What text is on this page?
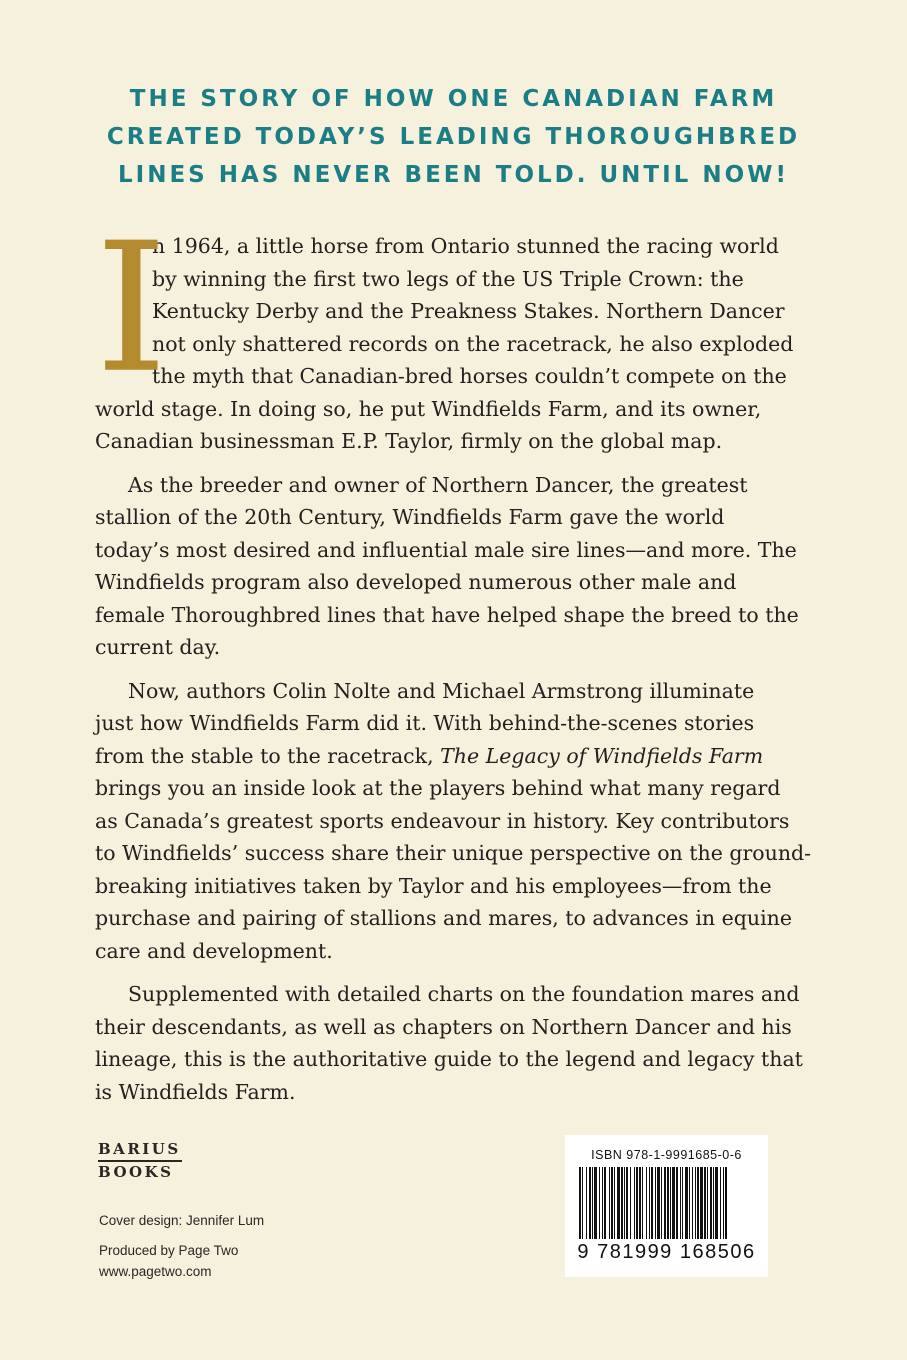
THE STORY OF HOW ONE CANADIAN FARM
CREATED TODAY’S LEADING THOROUGHBRED
LINES HAS NEVER BEEN TOLD. UNTIL NOW!
I
n 1964, a little horse from Ontario stunned the racing world
by winning the first two legs of the US Triple Crown: the
Kentucky Derby and the Preakness Stakes. Northern Dancer
not only shattered records on the racetrack, he also exploded
the myth that Canadian-bred horses couldn’t compete on the
world stage. In doing so, he put Windfields Farm, and its owner,
Canadian businessman E.P. Taylor, firmly on the global map.
As the breeder and owner of Northern Dancer, the greatest
stallion of the 20th Century, Windfields Farm gave the world
today’s most desired and influential male sire lines—and more. The
Windfields program also developed numerous other male and
female Thoroughbred lines that have helped shape the breed to the
current day.
Now, authors Colin Nolte and Michael Armstrong illuminate
just how Windfields Farm did it. With behind-the-scenes stories
from the stable to the racetrack, The Legacy of Windfields Farm
brings you an inside look at the players behind what many regard
as Canada’s greatest sports endeavour in history. Key contributors
to Windfields’ success share their unique perspective on the ground-
breaking initiatives taken by Taylor and his employees—from the
purchase and pairing of stallions and mares, to advances in equine
care and development.
Supplemented with detailed charts on the foundation mares and
their descendants, as well as chapters on Northern Dancer and his
lineage, this is the authoritative guide to the legend and legacy that
is Windfields Farm.
BARIUS
BOOKS
Cover design: Jennifer Lum
Produced by Page Two
www.pagetwo.com
ISBN 978-1-9991685-0-6
9 781999 168506
